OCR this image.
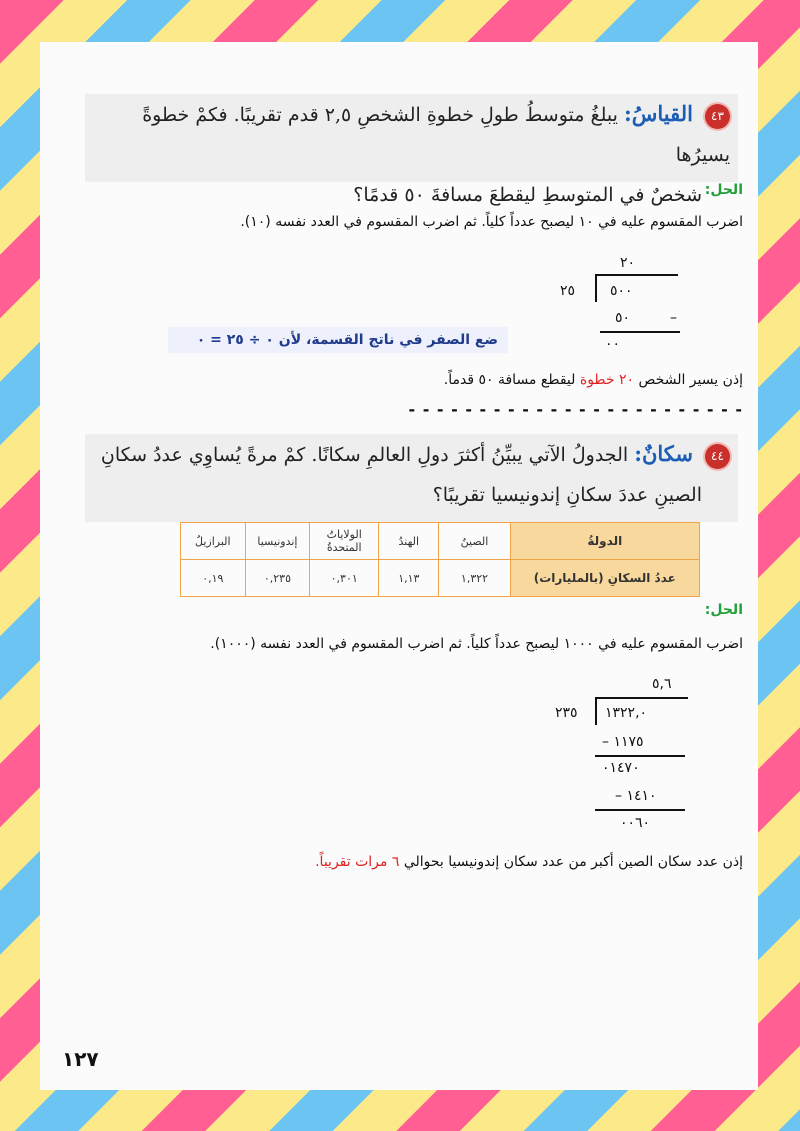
٤٣ القياسُ: يبلغُ متوسطُ طولِ خطوةِ الشخصِ ٢,٥ قدم تقريبًا. فكمْ خطوةً يسيرُها
شخصٌ في المتوسطِ ليقطعَ مسافةَ ٥٠ قدمًا؟ الحل:
اضرب المقسوم عليه في ١٠ ليصبح عدداً كلياً. ثم اضرب المقسوم في العدد نفسه (١٠).
٢٠
٢٥ ٥٠٠
٥٠	–
٠٠
ضع الصفر في ناتج القسمة، لأن ٠ ÷ ٢٥ = ٠
إذن يسير الشخص ٢٠ خطوة ليقطع مسافة ٥٠ قدماً.
- - - - - - - - - - - - - - - - - - - - - - - -
٤٤ سكانٌ: الجدولُ الآتي يبيِّنُ أكثرَ دولِ العالمِ سكانًا. كمْ مرةً يُساوِي عددُ سكانِ
الصينِ عددَ سكانِ إندونيسيا تقريبًا؟
الدولةُ	الصينُ	الهندُ	الولاياتُ المتحدةُ	إندونيسيا	البرازيلُ
عددُ السكانِ (بالمليارات)	١,٣٢٢	١,١٣	٠,٣٠١	٠,٢٣٥	٠,١٩
الحل:
اضرب المقسوم عليه في ١٠٠٠ ليصبح عدداً كلياً. ثم اضرب المقسوم في العدد نفسه (١٠٠٠).
٥,٦
٢٣٥ ١٣٢٢,٠
١١٧٥ –
٠١٤٧٠
١٤١٠ –
٠٠٦٠
إذن عدد سكان الصين أكبر من عدد سكان إندونيسيا بحوالي ٦ مرات تقريباً.
١٢٧
